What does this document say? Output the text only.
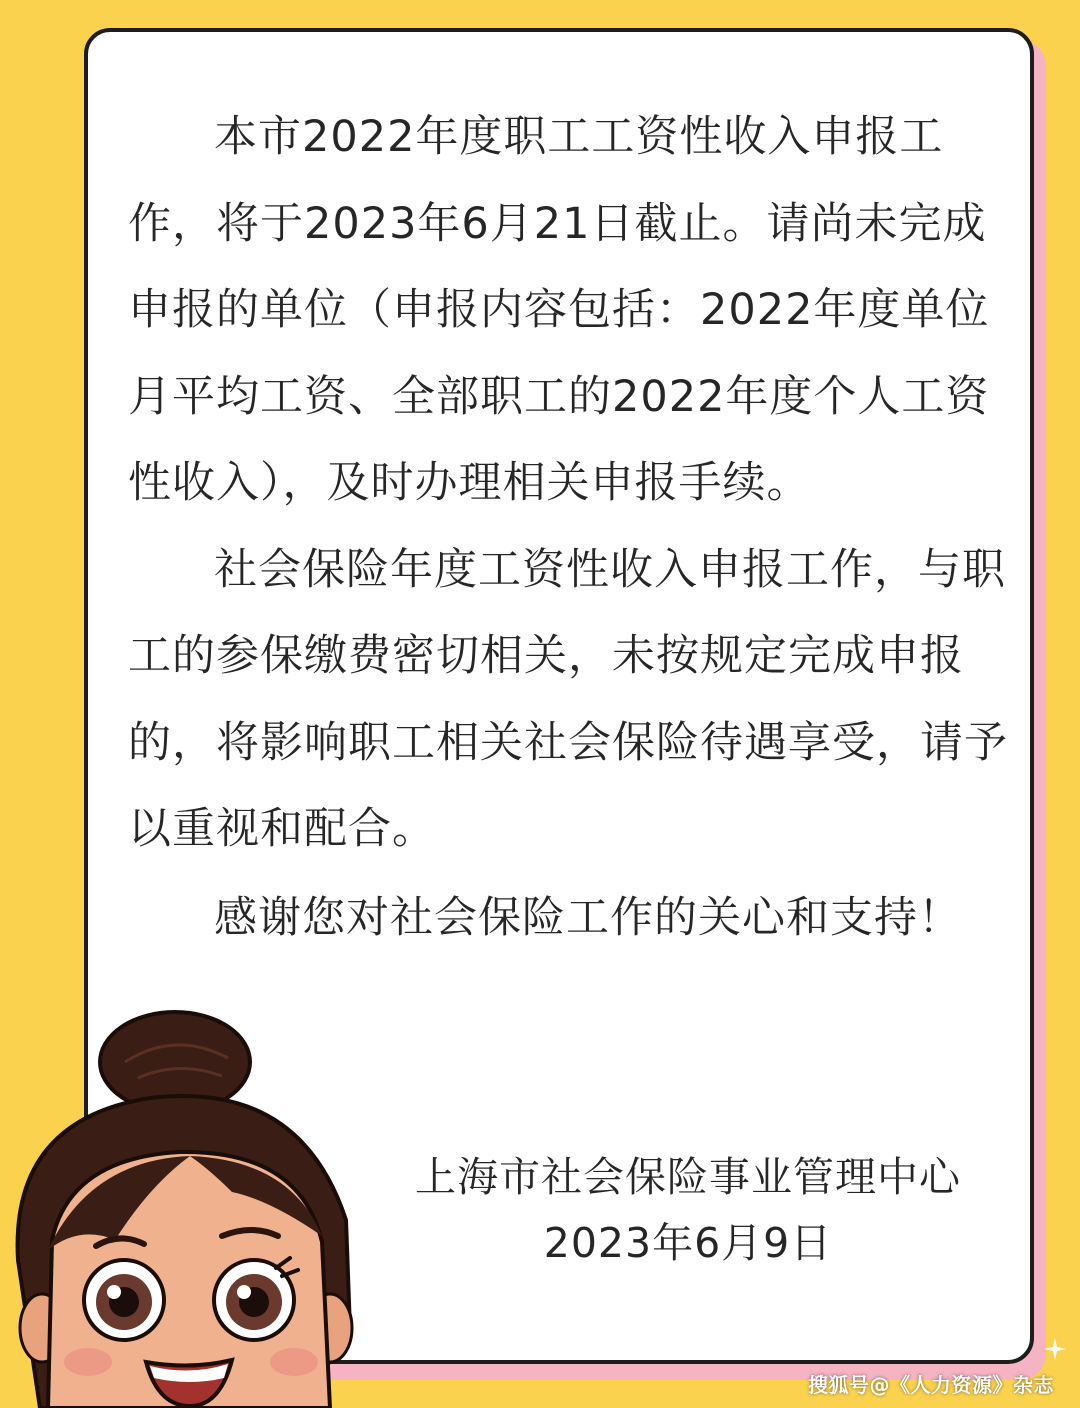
本市2022年度职工工资性收入申报工作，将于2023年6月21日截止。请尚未完成申报的单位（申报内容包括：2022年度单位月平均工资、全部职工的2022年度个人工资性收入），及时办理相关申报手续。

社会保险年度工资性收入申报工作，与职工的参保缴费密切相关，未按规定完成申报的，将影响职工相关社会保险待遇享受，请予以重视和配合。

感谢您对社会保险工作的关心和支持！

上海市社会保险事业管理中心
2023年6月9日
搜狐号@《人力资源》杂志
